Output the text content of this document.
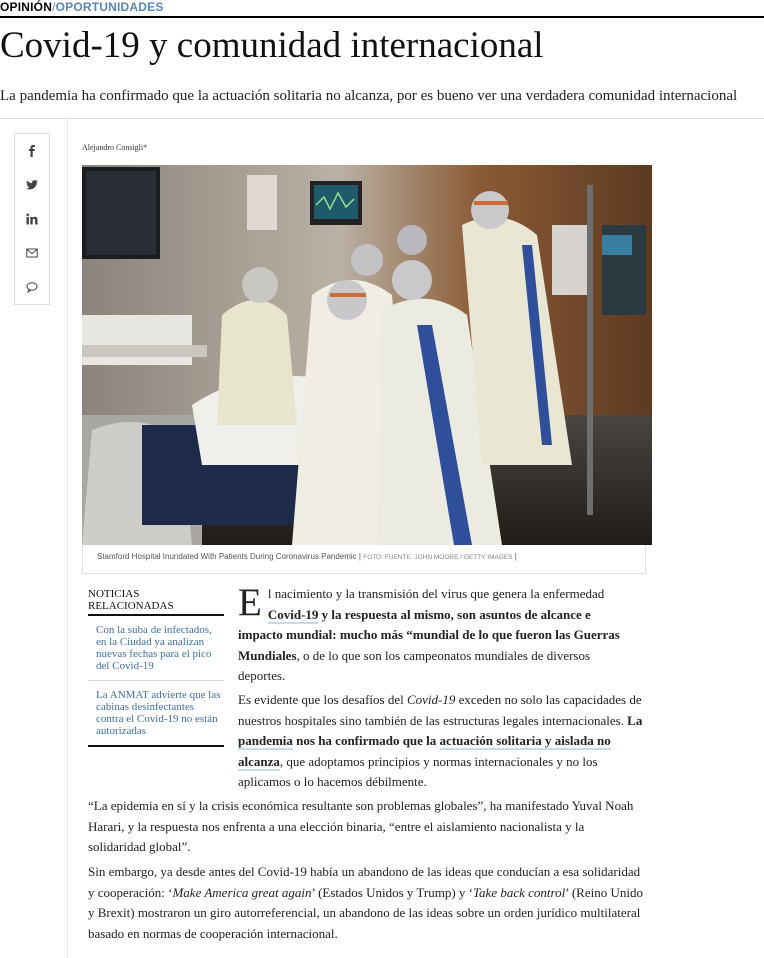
OPINIÓN/OPORTUNIDADES
Covid-19 y comunidad internacional

La pandemia ha confirmado que la actuación solitaria no alcanza, por es bueno ver una verdadera comunidad internacional

Alejandro Consigli*
Stamford Hospital Inundated With Patients During Coronavirus Pandemic | FOTO: FUENTE: JOHN MOORE / GETTY IMAGES |
NOTICIAS RELACIONADAS
Con la suba de infectados, en la Ciudad ya analizan nuevas fechas para el pico del Covid-19
La ANMAT advierte que las cabinas desinfectantes contra el Covid-19 no están autorizadas

El nacimiento y la transmisión del virus que genera la enfermedad Covid-19 y la respuesta al mismo, son asuntos de alcance e impacto mundial: mucho más “mundial de lo que fueron las Guerras Mundiales, o de lo que son los campeonatos mundiales de diversos deportes.

Es evidente que los desafíos del Covid-19 exceden no solo las capacidades de nuestros hospitales sino también de las estructuras legales internacionales. La pandemia nos ha confirmado que la actuación solitaria y aislada no alcanza, que adoptamos principios y normas internacionales y no los aplicamos o lo hacemos débilmente.

“La epidemia en sí y la crisis económica resultante son problemas globales”, ha manifestado Yuval Noah Harari, y la respuesta nos enfrenta a una elección binaria, “entre el aislamiento nacionalista y la solidaridad global”.

Sin embargo, ya desde antes del Covid-19 había un abandono de las ideas que conducían a esa solidaridad y cooperación: ‘Make America great again’ (Estados Unidos y Trump) y ‘Take back control’ (Reino Unido y Brexit) mostraron un giro autorreferencial, un abandono de las ideas sobre un orden jurídico multilateral basado en normas de cooperación internacional.
